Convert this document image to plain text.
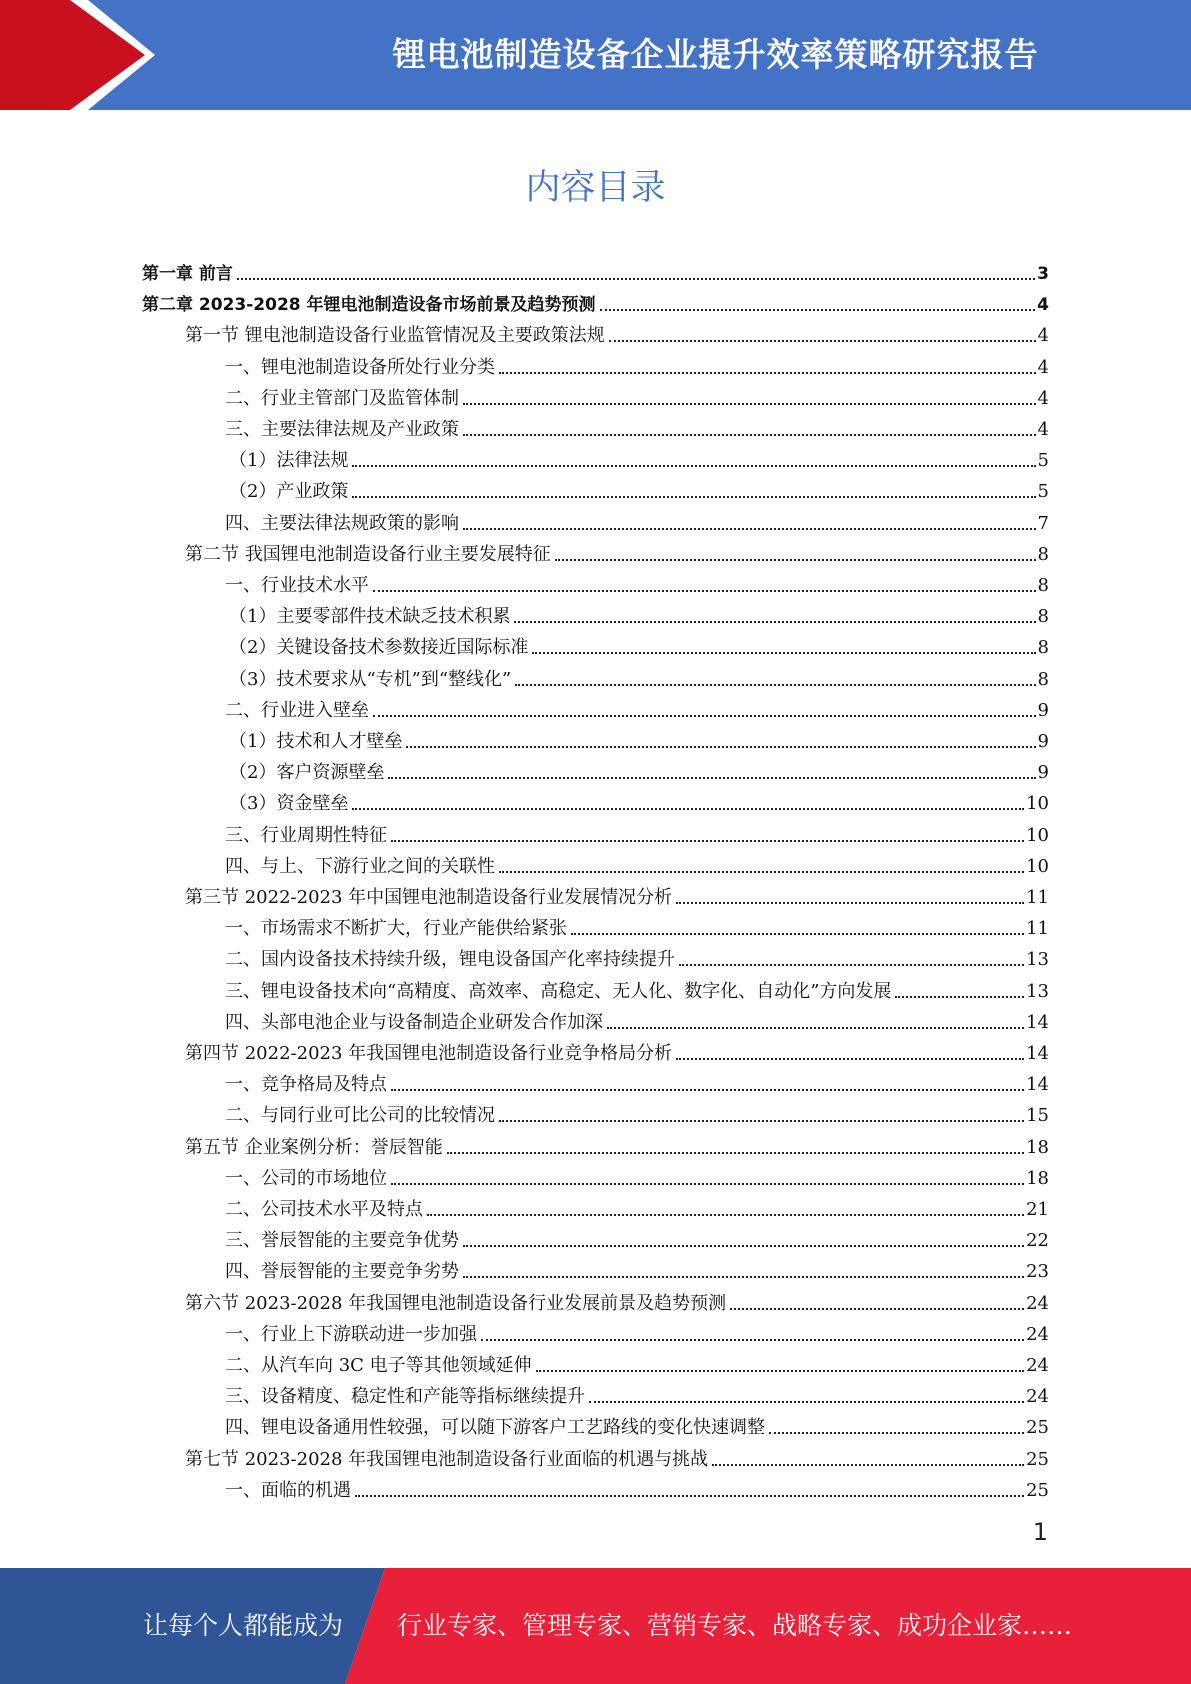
锂电池制造设备企业提升效率策略研究报告
内容目录
第一章 前言	3
第二章 2023-2028 年锂电池制造设备市场前景及趋势预测	4
第一节 锂电池制造设备行业监管情况及主要政策法规	4
一、锂电池制造设备所处行业分类	4
二、行业主管部门及监管体制	4
三、主要法律法规及产业政策	4
（1）法律法规	5
（2）产业政策	5
四、主要法律法规政策的影响	7
第二节 我国锂电池制造设备行业主要发展特征	8
一、行业技术水平	8
（1）主要零部件技术缺乏技术积累	8
（2）关键设备技术参数接近国际标准	8
（3）技术要求从“专机”到“整线化”	8
二、行业进入壁垒	9
（1）技术和人才壁垒	9
（2）客户资源壁垒	9
（3）资金壁垒	10
三、行业周期性特征	10
四、与上、下游行业之间的关联性	10
第三节 2022-2023 年中国锂电池制造设备行业发展情况分析	11
一、市场需求不断扩大，行业产能供给紧张	11
二、国内设备技术持续升级，锂电设备国产化率持续提升	13
三、锂电设备技术向“高精度、高效率、高稳定、无人化、数字化、自动化”方向发展	13
四、头部电池企业与设备制造企业研发合作加深	14
第四节 2022-2023 年我国锂电池制造设备行业竞争格局分析	14
一、竞争格局及特点	14
二、与同行业可比公司的比较情况	15
第五节 企业案例分析：誉辰智能	18
一、公司的市场地位	18
二、公司技术水平及特点	21
三、誉辰智能的主要竞争优势	22
四、誉辰智能的主要竞争劣势	23
第六节 2023-2028 年我国锂电池制造设备行业发展前景及趋势预测	24
一、行业上下游联动进一步加强	24
二、从汽车向 3C 电子等其他领域延伸	24
三、设备精度、稳定性和产能等指标继续提升	24
四、锂电设备通用性较强，可以随下游客户工艺路线的变化快速调整	25
第七节 2023-2028 年我国锂电池制造设备行业面临的机遇与挑战	25
一、面临的机遇	25
1
让每个人都能成为 行业专家、管理专家、营销专家、战略专家、成功企业家……
